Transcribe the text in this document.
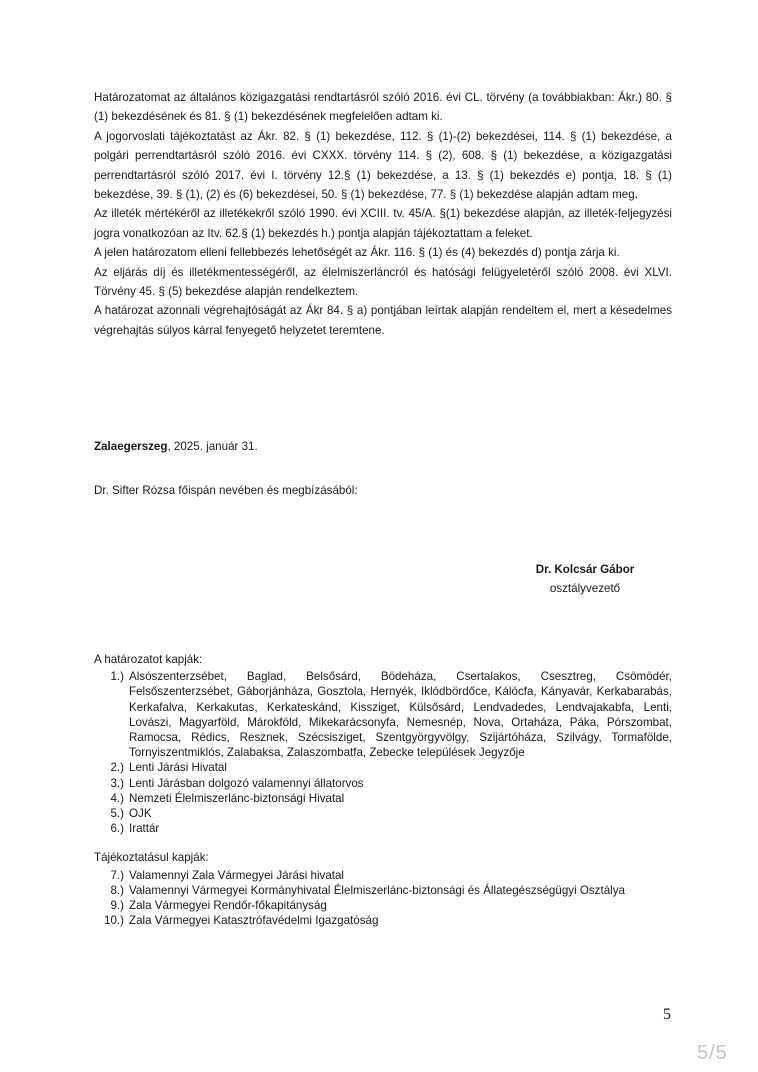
Határozatomat az általános közigazgatási rendtartásról szóló 2016. évi CL. törvény (a továbbiakban: Ákr.) 80. § (1) bekezdésének és 81. § (1) bekezdésének megfelelően adtam ki.

A jogorvoslati tájékoztatást az Ákr. 82. § (1) bekezdése, 112. § (1)-(2) bekezdései, 114. § (1) bekezdése, a polgári perrendtartásról szóló 2016. évi CXXX. törvény 114. § (2), 608. § (1) bekezdése, a közigazgatási perrendtartásról szóló 2017. évi I. törvény 12.§ (1) bekezdése, a 13. § (1) bekezdés e) pontja, 18. § (1) bekezdése, 39. § (1), (2) és (6) bekezdései, 50. § (1) bekezdése, 77. § (1) bekezdése alapján adtam meg.

Az illeték mértékéről az illetékekről szóló 1990. évi XCIII. tv. 45/A. §(1) bekezdése alapján, az illeték-feljegyzési jogra vonatkozóan az Itv. 62.§ (1) bekezdés h.) pontja alapján tájékoztattam a feleket.

A jelen határozatom elleni fellebbezés lehetőségét az Ákr. 116. § (1) és (4) bekezdés d) pontja zárja ki.

Az eljárás díj és illetékmentességéről, az élelmiszerláncról és hatósági felügyeletéről szóló 2008. évi XLVI. Törvény 45. § (5) bekezdése alapján rendelkeztem.

A határozat azonnali végrehajtóságát az Ákr 84. § a) pontjában leírtak alapján rendeltem el, mert a késedelmes végrehajtás súlyos kárral fenyegető helyzetet teremtene.

Zalaegerszeg, 2025. január 31.
Dr. Sifter Rózsa főispán nevében és megbízásából:
Dr. Kolcsár Gábor
osztályvezető

A határozatot kapják:

1.) Alsószenterzsébet, Baglad, Belsősárd, Bödeháza, Csertalakos, Csesztreg, Csömödér, Felsőszenterzsébet, Gáborjánháza, Gosztola, Hernyék, Iklódbördőce, Kálócfa, Kányavár, Kerkabarabás, Kerkafalva, Kerkakutas, Kerkateskánd, Kissziget, Külsősárd, Lendvadedes, Lendvajakabfa, Lenti, Lovászi, Magyarföld, Márokföld, Mikekarácsonyfa, Nemesnép, Nova, Ortaháza, Páka, Pórszombat, Ramocsa, Rédics, Resznek, Szécsisziget, Szentgyörgyvölgy, Szijártóháza, Szilvágy, Tormafölde, Tornyiszentmiklós, Zalabaksa, Zalaszombatfa, Zebecke települések Jegyzője
2.) Lenti Járási Hivatal
3.) Lenti Járásban dolgozó valamennyi állatorvos
4.) Nemzeti Élelmiszerlánc-biztonsági Hivatal
5.) OJK
6.) Irattár

Tájékoztatásul kapják:

7.) Valamennyi Zala Vármegyei Járási hivatal
8.) Valamennyi Vármegyei Kormányhivatal Élelmiszerlánc-biztonsági és Állategészségügyi Osztálya
9.) Zala Vármegyei Rendőr-főkapitányság
10.) Zala Vármegyei Katasztrófavédelmi Igazgatóság
5
5/5
